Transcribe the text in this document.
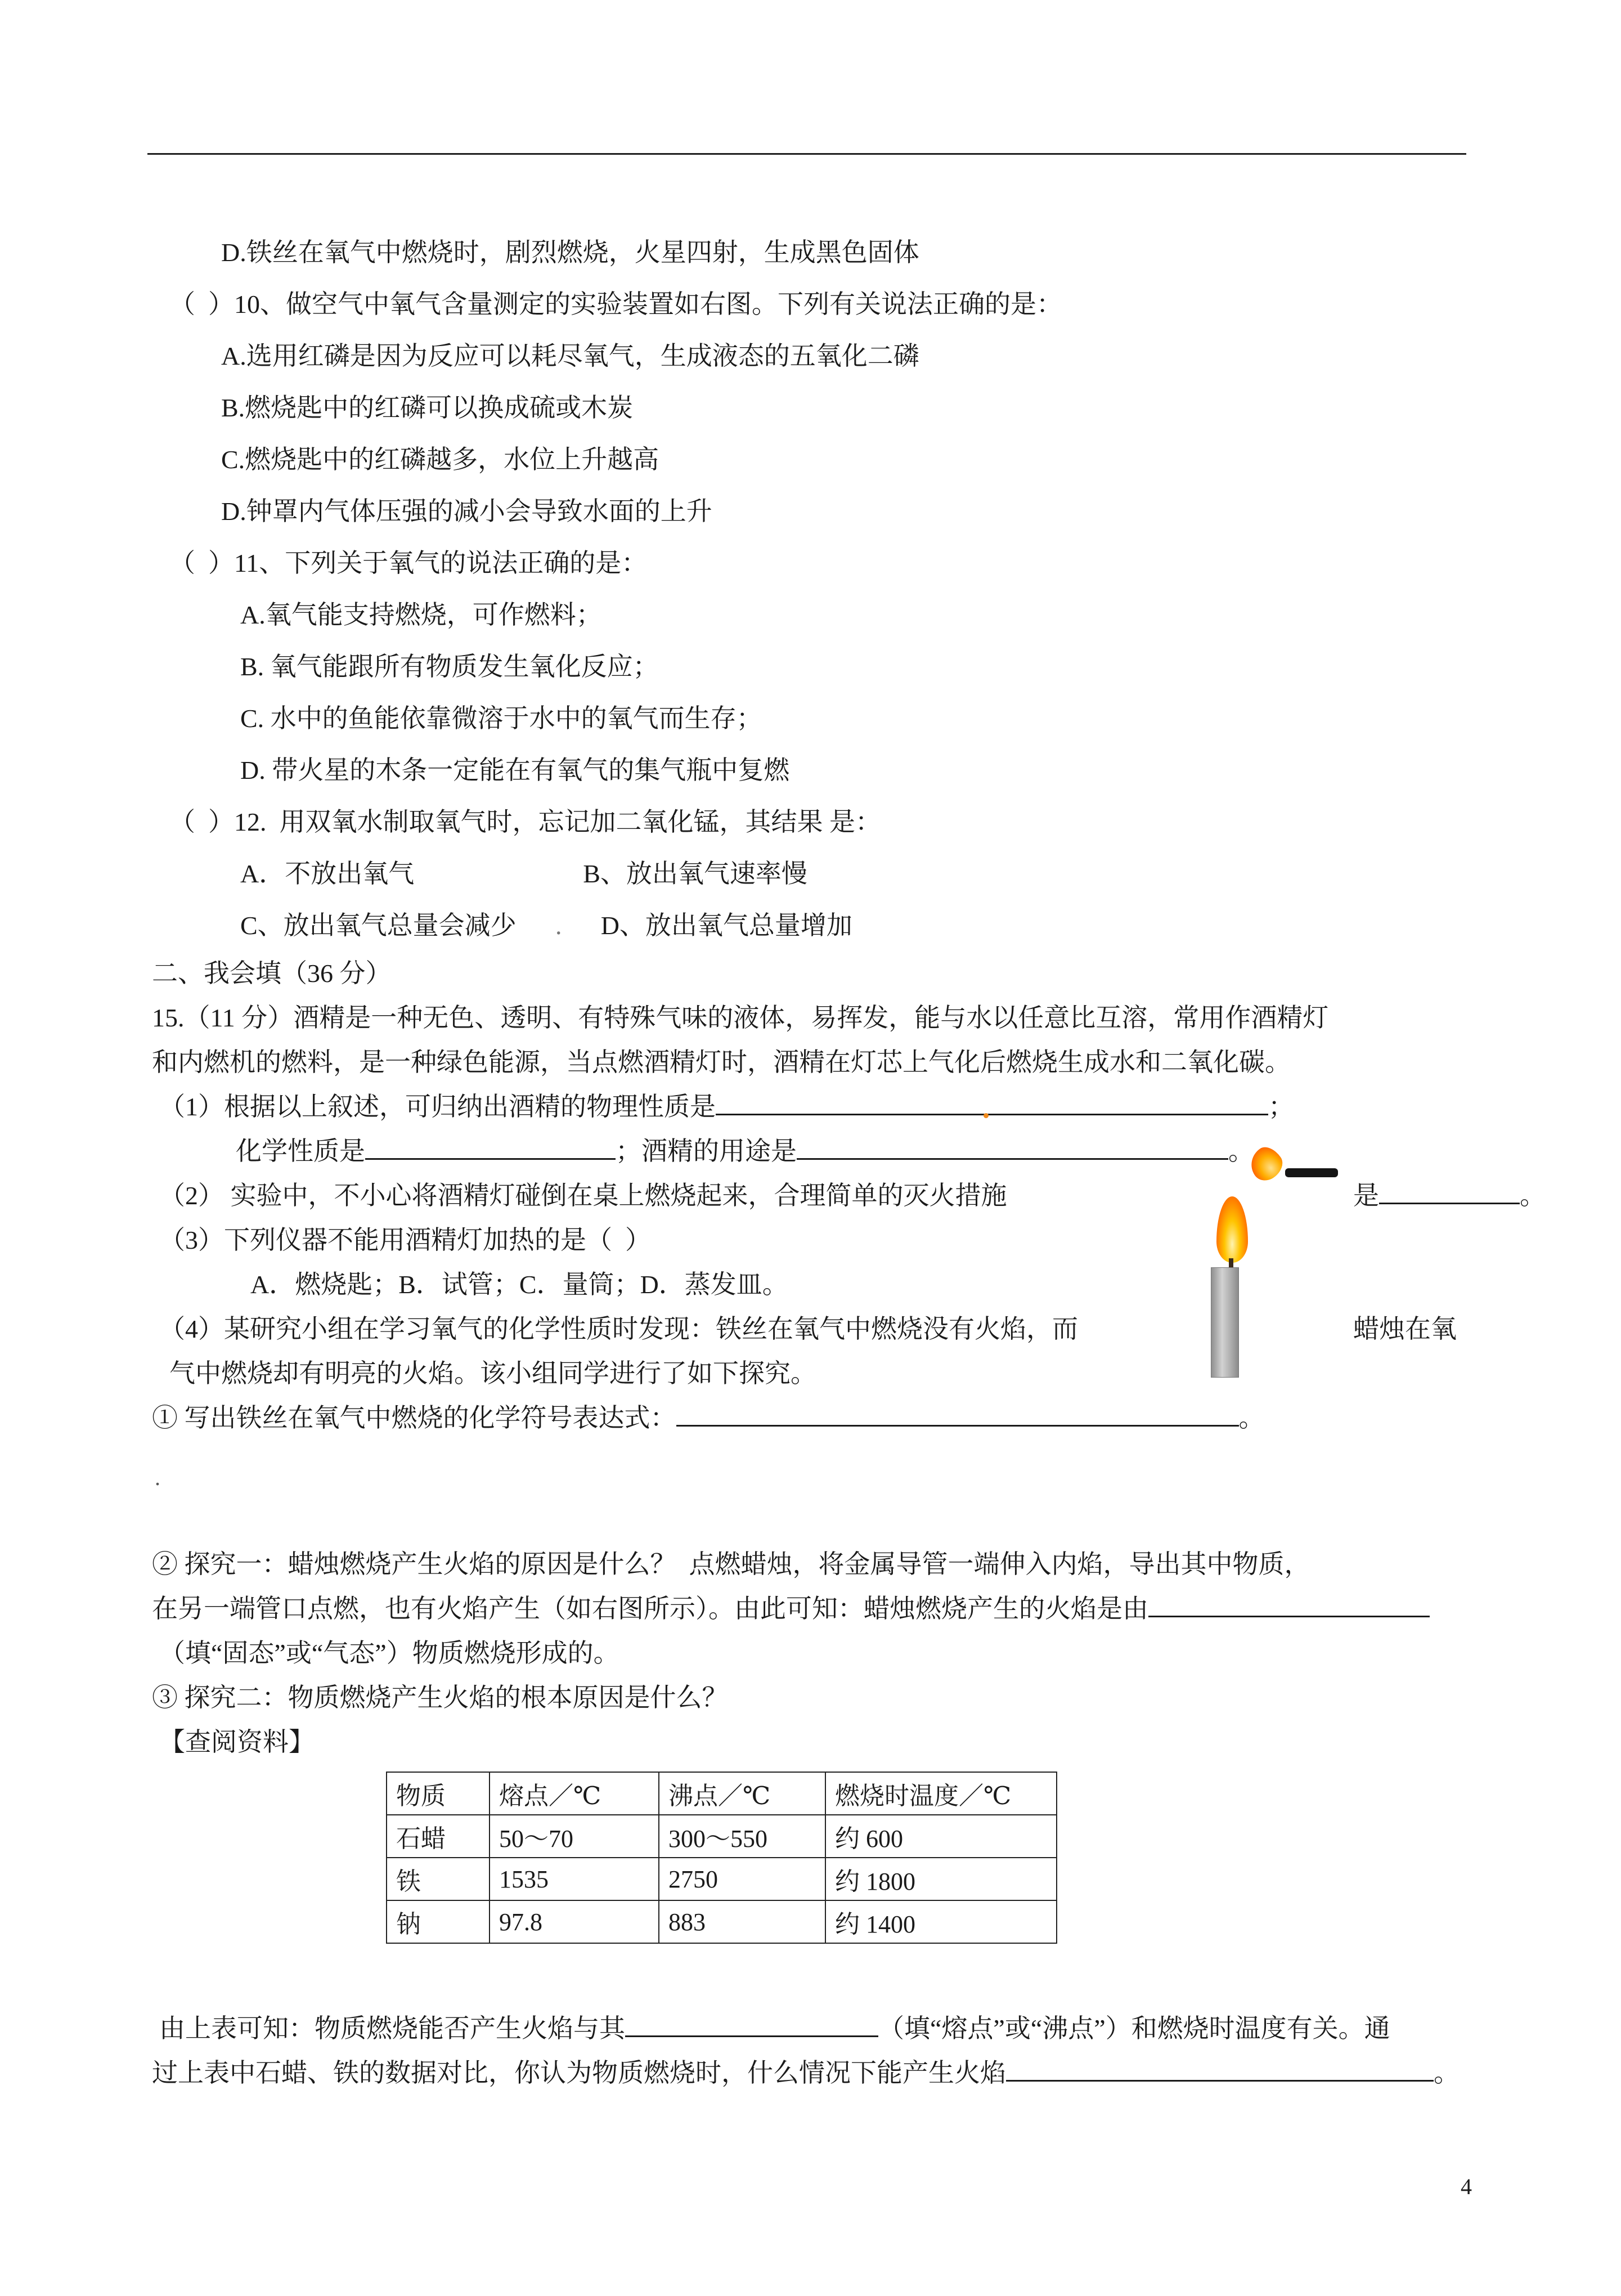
D.铁丝在氧气中燃烧时，剧烈燃烧，火星四射，生成黑色固体
（  ）10、做空气中氧气含量测定的实验装置如右图。下列有关说法正确的是：
A.选用红磷是因为反应可以耗尽氧气，生成液态的五氧化二磷
B.燃烧匙中的红磷可以换成硫或木炭
C.燃烧匙中的红磷越多，水位上升越高
D.钟罩内气体压强的减小会导致水面的上升
（  ）11、下列关于氧气的说法正确的是：
A.氧气能支持燃烧，可作燃料；
B. 氧气能跟所有物质发生氧化反应；
C. 水中的鱼能依靠微溶于水中的氧气而生存；
D. 带火星的木条一定能在有氧气的集气瓶中复燃
（  ）12.  用双氧水制取氧气时，忘记加二氧化锰，其结果 是：
A．不放出氧气	B、放出氧气速率慢
C、放出氧气总量会减少 . D、放出氧气总量增加
二、我会填（36 分）
15.（11 分）酒精是一种无色、透明、有特殊气味的液体，易挥发，能与水以任意比互溶，常用作酒精灯
和内燃机的燃料，是一种绿色能源，当点燃酒精灯时，酒精在灯芯上气化后燃烧生成水和二氧化碳。
（1）根据以上叙述，可归纳出酒精的物理性质是	；
化学性质是	；酒精的用途是	。
（2） 实验中，不小心将酒精灯碰倒在桌上燃烧起来，合理简单的灭火措施	是	。
（3）下列仪器不能用酒精灯加热的是（  ）
A．燃烧匙；B．试管；C．量筒；D．蒸发皿。
（4）某研究小组在学习氧气的化学性质时发现：铁丝在氧气中燃烧没有火焰，而	蜡烛在氧
气中燃烧却有明亮的火焰。该小组同学进行了如下探究。
① 写出铁丝在氧气中燃烧的化学符号表达式：	。
.
② 探究一：蜡烛燃烧产生火焰的原因是什么？  点燃蜡烛，将金属导管一端伸入内焰，导出其中物质，
在另一端管口点燃，也有火焰产生（如右图所示）。由此可知：蜡烛燃烧产生的火焰是由
（填“固态”或“气态”）物质燃烧形成的。
③ 探究二：物质燃烧产生火焰的根本原因是什么？
【查阅资料】
物质	熔点／℃	沸点／℃	燃烧时温度／℃
石蜡	50〜70	300〜550	约 600
铁	1535	2750	约 1800
钠	97.8	883	约 1400
由上表可知：物质燃烧能否产生火焰与其	（填“熔点”或“沸点”）和燃烧时温度有关。通
过上表中石蜡、铁的数据对比，你认为物质燃烧时，什么情况下能产生火焰	。
4
